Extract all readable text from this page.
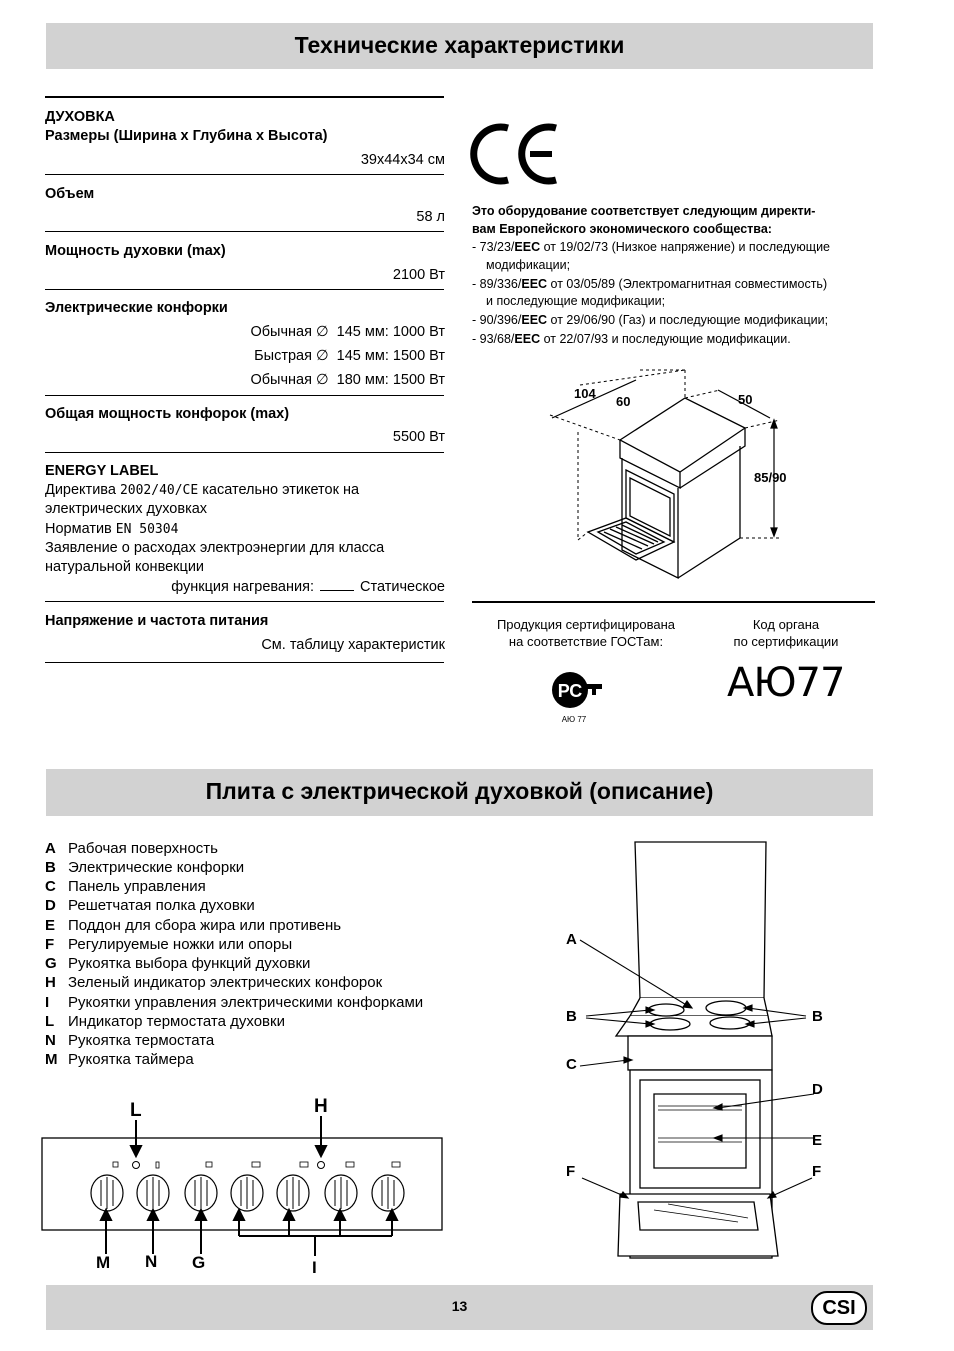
Технические характеристики
ДУХОВКА
Размеры (Ширина x Глубина x Высота)
39x44x34 см
Объем
58 л
Мощность духовки (max)
2100 Вт
Электрические конфорки
Обычная ∅  145 мм: 1000 Вт
Быстрая ∅  145 мм: 1500 Вт
Обычная ∅  180 мм: 1500 Вт
Общая мощность конфорок (max)
5500 Вт
ENERGY LABEL
Директива 2002/40/CE касательно этикеток на
электрических духовках
Норматив EN 50304
Заявление о расходах электроэнергии для класса
натуральной конвекции
функция нагревания:	Статическое
Напряжение и частота питания
См. таблицу характеристик
Это оборудование соответствует следующим директи-
вам Европейского экономического сообщества:
- 73/23/EEC от 19/02/73 (Низкое напряжение) и последующие
модификации;
- 89/336/EEC от 03/05/89 (Электромагнитная совместимость)
и последующие модификации;
- 90/396/EEC от 29/06/90 (Газ) и последующие модификации;
- 93/68/EEC от 22/07/93 и последующие модификации.
104
60	50
85/90
Продукция сертифицирована
на соответствие ГОСТам:
Код органа
по сертификации
РС
АЮ 77
АЮ77
Плита с электрической духовкой (описание)
A Рабочая поверхность
B Электрические конфорки
C Панель управления
D Решетчатая полка духовки
E Поддон для сбора жира или противень
F Регулируемые ножки или опоры
G Рукоятка выбора функций духовки
H Зеленый индикатор электрических конфорок
I Рукоятки управления электрическими конфорками
L Индикатор термостата духовки
N Рукоятка термостата
M Рукоятка таймера
L	H
M N G	I
A
B	B
C
D
E
F	F
13	CSI
